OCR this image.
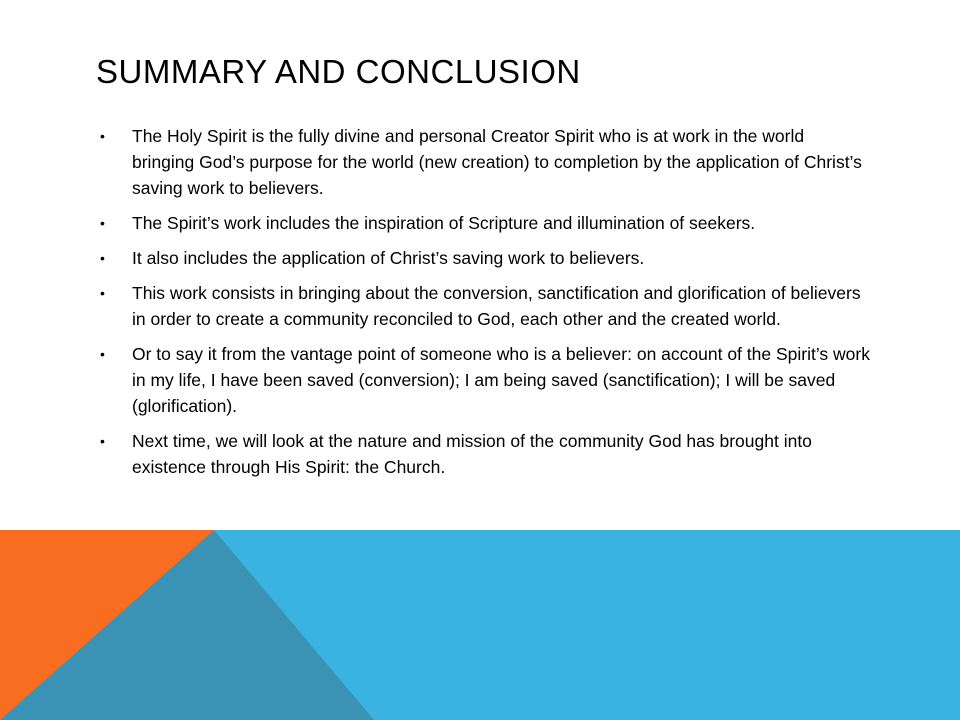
SUMMARY AND CONCLUSION
•	The Holy Spirit is the fully divine and personal Creator Spirit who is at work in the world bringing God’s purpose for the world (new creation) to completion by the application of Christ’s saving work to believers.
•	The Spirit’s work includes the inspiration of Scripture and illumination of seekers.
•	It also includes the application of Christ’s saving work to believers.
•	This work consists in bringing about the conversion, sanctification and glorification of believers in order to create a community reconciled to God, each other and the created world.
•	Or to say it from the vantage point of someone who is a believer: on account of the Spirit’s work in my life, I have been saved (conversion); I am being saved (sanctification); I will be saved (glorification).
•	Next time, we will look at the nature and mission of the community God has brought into existence through His Spirit: the Church.
